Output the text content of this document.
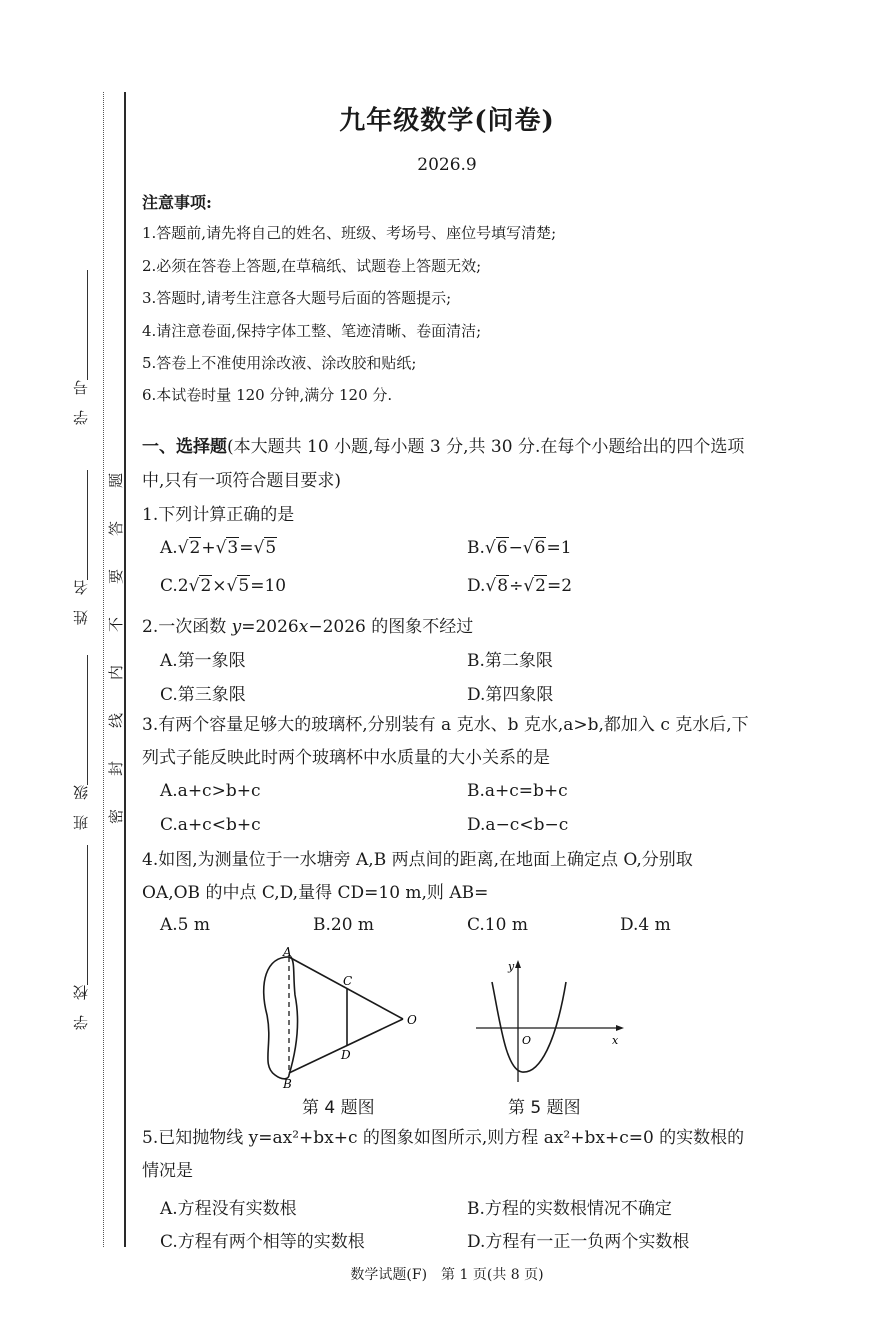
学　号
姓　名
班　级
学　校
题
答
要
不
内
线
封
密
九年级数学(问卷)
2026.9
注意事项:
1.答题前,请先将自己的姓名、班级、考场号、座位号填写清楚;
2.必须在答卷上答题,在草稿纸、试题卷上答题无效;
3.答题时,请考生注意各大题号后面的答题提示;
4.请注意卷面,保持字体工整、笔迹清晰、卷面清洁;
5.答卷上不准使用涂改液、涂改胶和贴纸;
6.本试卷时量 120 分钟,满分 120 分.
一、选择题(本大题共 10 小题,每小题 3 分,共 30 分.在每个小题给出的四个选项中,只有一项符合题目要求)
1.下列计算正确的是
A.√2+√3=√5	B.√6−√6=1
C.2√2×√5=10	D.√8÷√2=2
2.一次函数 y=2026x−2026 的图象不经过
A.第一象限	B.第二象限
C.第三象限	D.第四象限
3.有两个容量足够大的玻璃杯,分别装有 a 克水、b 克水,a>b,都加入 c 克水后,下列式子能反映此时两个玻璃杯中水质量的大小关系的是
A.a+c>b+c	B.a+c=b+c
C.a+c<b+c	D.a−c<b−c
4.如图,为测量位于一水塘旁 A,B 两点间的距离,在地面上确定点 O,分别取 OA,OB 的中点 C,D,量得 CD=10 m,则 AB=
A.5 m	B.20 m	C.10 m	D.4 m
A
B
C
D
O
第 4 题图
y
x
O
第 5 题图
5.已知抛物线 y=ax²+bx+c 的图象如图所示,则方程 ax²+bx+c=0 的实数根的情况是
A.方程没有实数根	B.方程的实数根情况不确定
C.方程有两个相等的实数根	D.方程有一正一负两个实数根
数学试题(F)　第 1 页(共 8 页)
